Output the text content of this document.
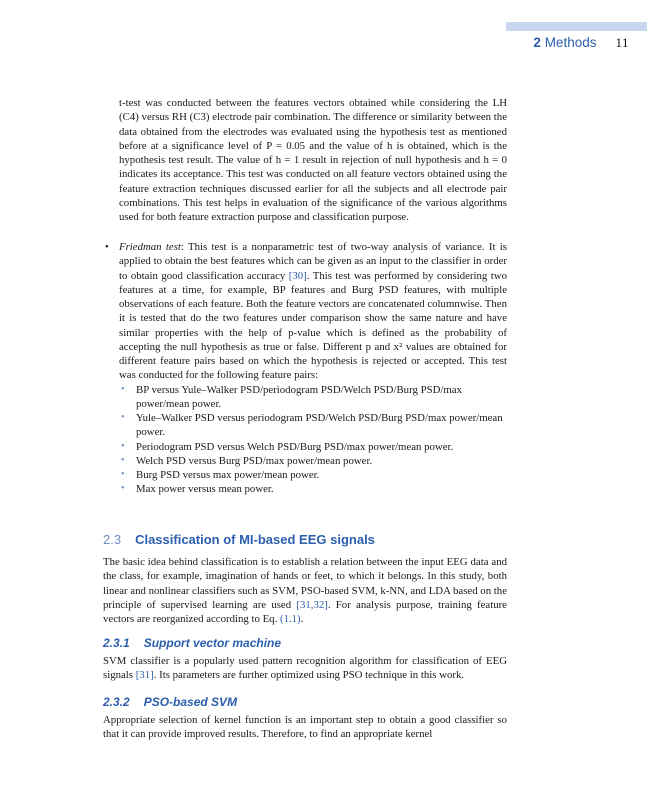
2 Methods 11

t-test was conducted between the features vectors obtained while considering the LH (C4) versus RH (C3) electrode pair combination. The difference or similarity between the data obtained from the electrodes was evaluated using the hypothesis test as mentioned before at a significance level of P = 0.05 and the value of h is obtained, which is the hypothesis test result. The value of h = 1 result in rejection of null hypothesis and h = 0 indicates its acceptance. This test was conducted on all feature vectors obtained using the feature extraction techniques discussed earlier for all the subjects and all electrode pair combinations. This test helps in evaluation of the significance of the various algorithms used for both feature extraction purpose and classification purpose.

• Friedman test: This test is a nonparametric test of two-way analysis of variance. It is applied to obtain the best features which can be given as an input to the classifier in order to obtain good classification accuracy [30]. This test was performed by considering two features at a time, for example, BP features and Burg PSD features, with multiple observations of each feature. Both the feature vectors are concatenated columnwise. Then it is tested that do the two features under comparison show the same nature and have similar properties with the help of p-value which is defined as the probability of accepting the null hypothesis as true or false. Different p and x² values are obtained for different feature pairs based on which the hypothesis is rejected or accepted. This test was conducted for the following feature pairs:

• BP versus Yule–Walker PSD/periodogram PSD/Welch PSD/Burg PSD/max power/mean power.
• Yule–Walker PSD versus periodogram PSD/Welch PSD/Burg PSD/max power/mean power.
• Periodogram PSD versus Welch PSD/Burg PSD/max power/mean power.
• Welch PSD versus Burg PSD/max power/mean power.
• Burg PSD versus max power/mean power.
• Max power versus mean power.
2.3 Classification of MI-based EEG signals

The basic idea behind classification is to establish a relation between the input EEG data and the class, for example, imagination of hands or feet, to which it belongs. In this study, both linear and nonlinear classifiers such as SVM, PSO-based SVM, k-NN, and LDA based on the principle of supervised learning are used [31,32]. For analysis purpose, training feature vectors are reorganized according to Eq. (1.1).

2.3.1 Support vector machine

SVM classifier is a popularly used pattern recognition algorithm for classification of EEG signals [31]. Its parameters are further optimized using PSO technique in this work.

2.3.2 PSO-based SVM

Appropriate selection of kernel function is an important step to obtain a good classifier so that it can provide improved results. Therefore, to find an appropriate kernel
